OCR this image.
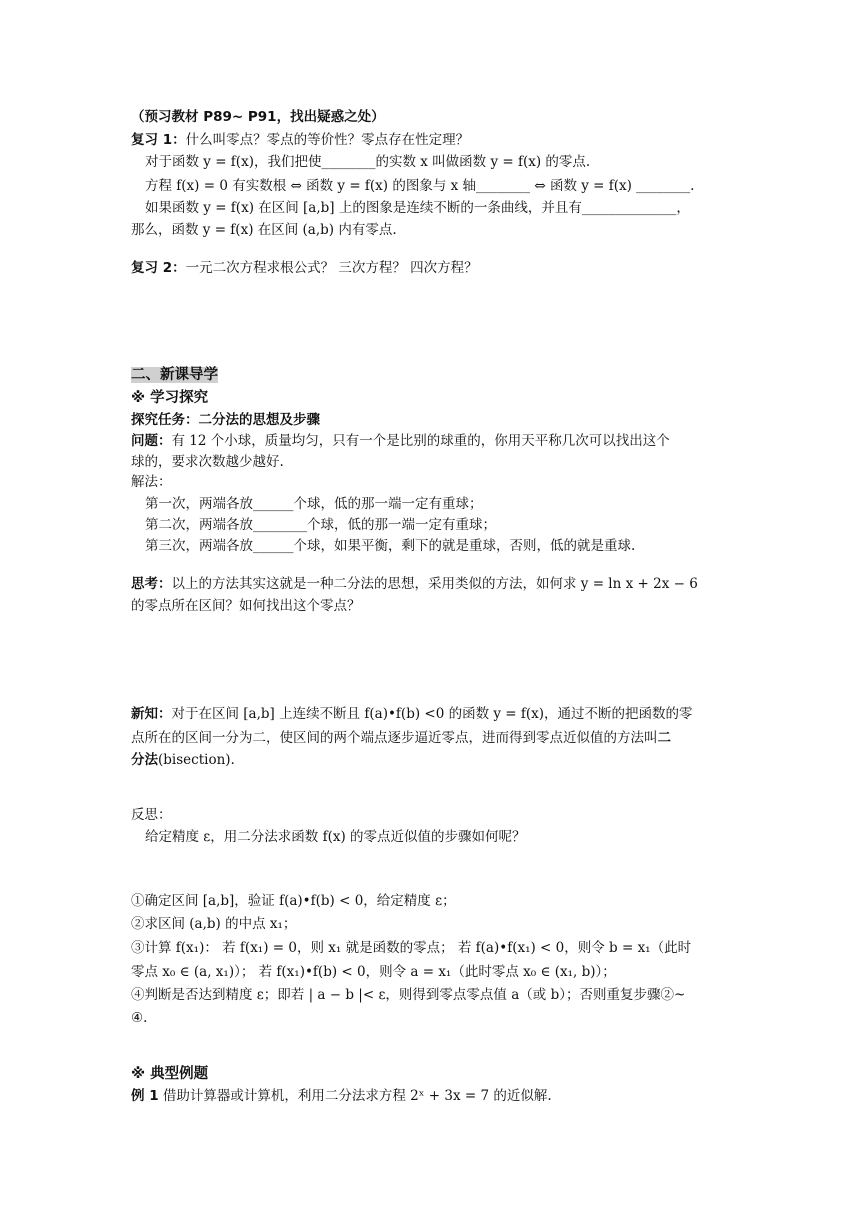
（预习教材 P89~ P91，找出疑惑之处）
复习 1：什么叫零点？零点的等价性？零点存在性定理？
对于函数 y = f(x)，我们把使________的实数 x 叫做函数 y = f(x) 的零点.
方程 f(x) = 0 有实数根 ⇔ 函数 y = f(x) 的图象与 x 轴________ ⇔ 函数 y = f(x) ________.
如果函数 y = f(x) 在区间 [a,b] 上的图象是连续不断的一条曲线，并且有______________，
那么，函数 y = f(x) 在区间 (a,b) 内有零点.
复习 2：一元二次方程求根公式？ 三次方程？ 四次方程？
二、新课导学
※ 学习探究
探究任务：二分法的思想及步骤
问题：有 12 个小球，质量均匀，只有一个是比别的球重的，你用天平称几次可以找出这个
球的，要求次数越少越好.
解法：
第一次，两端各放______个球，低的那一端一定有重球；
第二次，两端各放________个球，低的那一端一定有重球；
第三次，两端各放______个球，如果平衡，剩下的就是重球，否则，低的就是重球.
思考：以上的方法其实这就是一种二分法的思想，采用类似的方法，如何求 y = ln x + 2x − 6
的零点所在区间？如何找出这个零点？
新知：对于在区间 [a,b] 上连续不断且 f(a)•f(b) <0 的函数 y = f(x)，通过不断的把函数的零
点所在的区间一分为二，使区间的两个端点逐步逼近零点，进而得到零点近似值的方法叫二
分法(bisection).
反思：
给定精度 ε，用二分法求函数 f(x) 的零点近似值的步骤如何呢？
①确定区间 [a,b]，验证 f(a)•f(b) < 0，给定精度 ε；
②求区间 (a,b) 的中点 x₁；
③计算 f(x₁)： 若 f(x₁) = 0，则 x₁ 就是函数的零点； 若 f(a)•f(x₁) < 0，则令 b = x₁（此时
零点 x₀ ∈ (a, x₁)）； 若 f(x₁)•f(b) < 0，则令 a = x₁（此时零点 x₀ ∈ (x₁, b)）；
④判断是否达到精度 ε；即若 | a − b |< ε，则得到零点零点值 a（或 b）；否则重复步骤②~
④.
※ 典型例题
例 1 借助计算器或计算机，利用二分法求方程 2ˣ + 3x = 7 的近似解.
